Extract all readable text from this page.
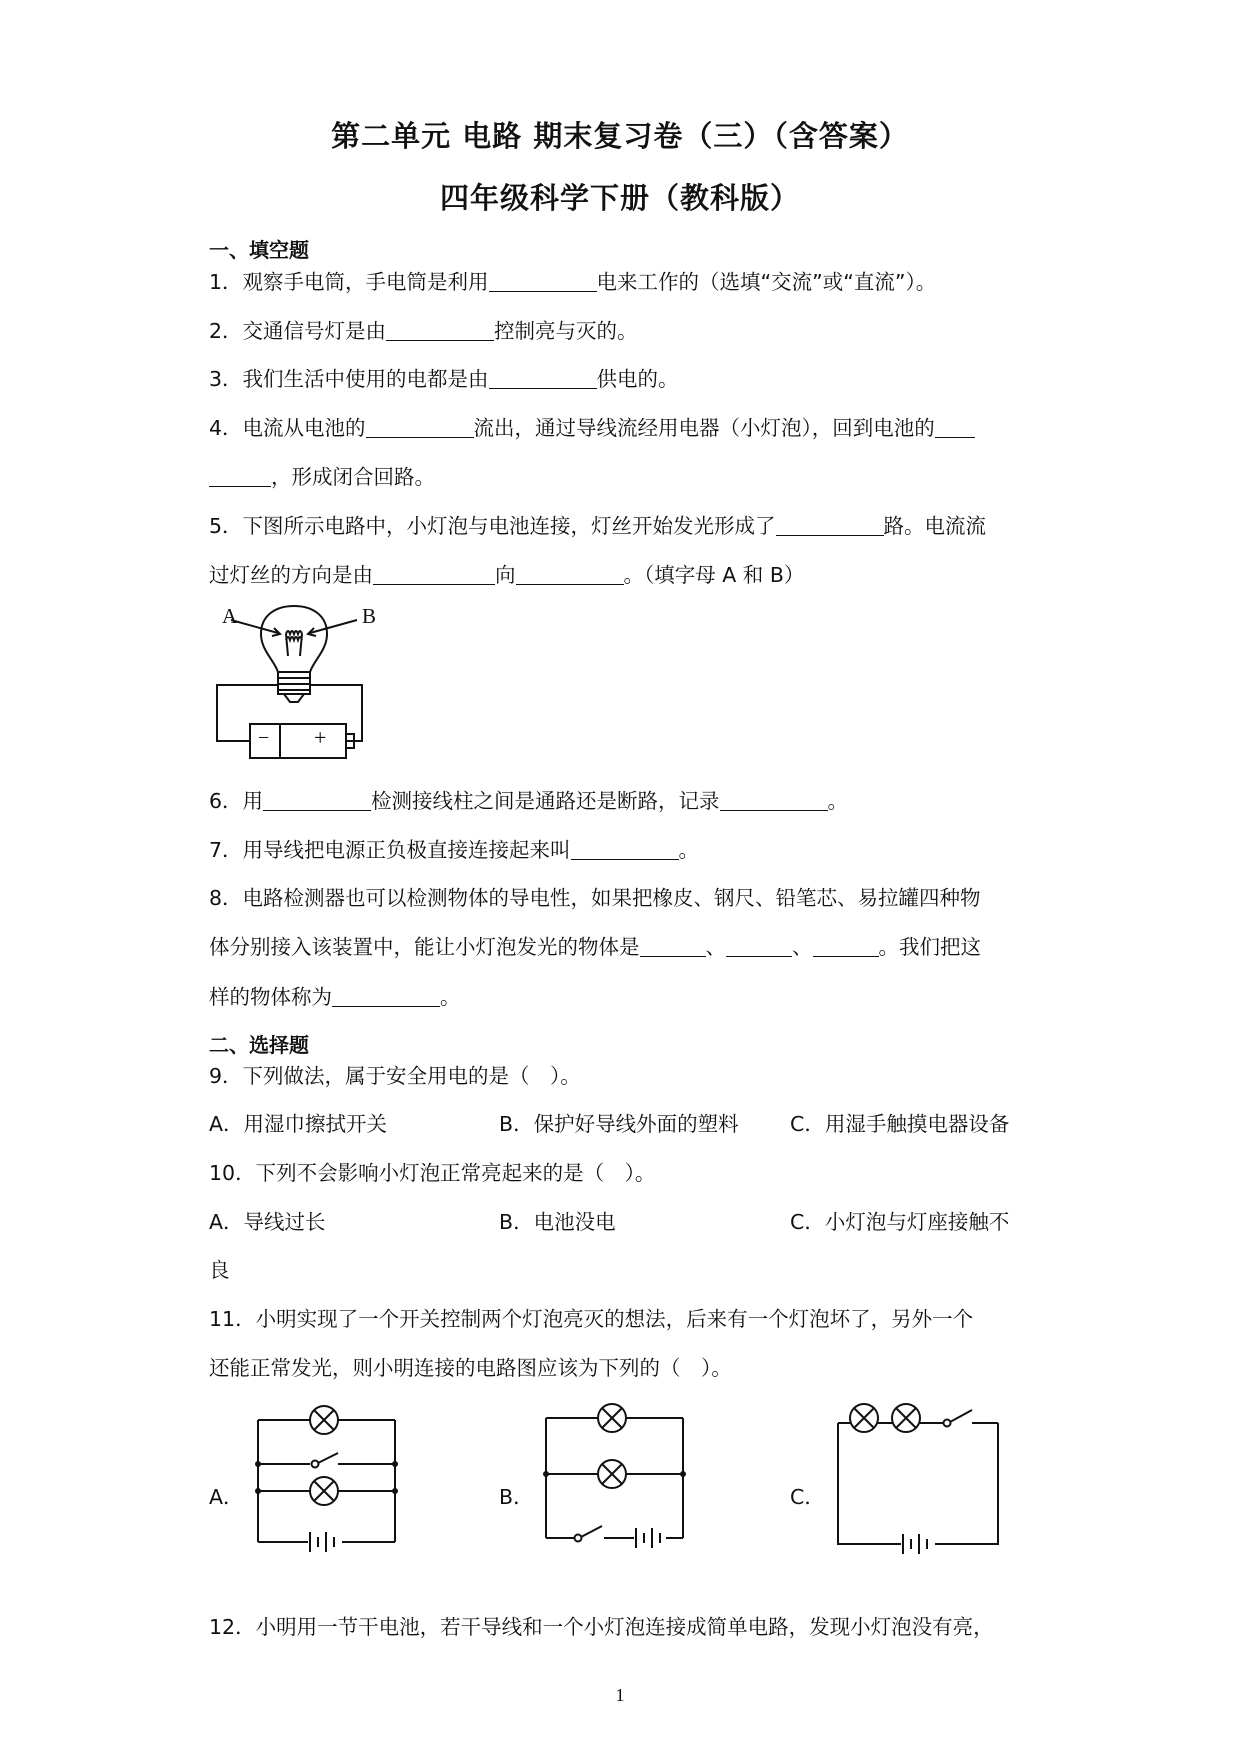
第二单元 电路 期末复习卷（三）（含答案）
四年级科学下册（教科版）
一、填空题
1．观察手电筒，手电筒是利用	电来工作的（选填“交流”或“直流”）。
2．交通信号灯是由	控制亮与灭的。
3．我们生活中使用的电都是由	供电的。
4．电流从电池的	流出，通过导线流经用电器（小灯泡），回到电池的
，形成闭合回路。
5．下图所示电路中，小灯泡与电池连接，灯丝开始发光形成了	路。电流流
过灯丝的方向是由	向	。（填字母 A 和 B）
A	B
− +
6．用	检测接线柱之间是通路还是断路，记录	。
7．用导线把电源正负极直接连接起来叫	。
8．电路检测器也可以检测物体的导电性，如果把橡皮、钢尺、铅笔芯、易拉罐四种物
体分别接入该装置中，能让小灯泡发光的物体是	、	、	。我们把这
样的物体称为	。
二、选择题
9．下列做法，属于安全用电的是（　）。
A．用湿巾擦拭开关	B．保护好导线外面的塑料	C．用湿手触摸电器设备
10．下列不会影响小灯泡正常亮起来的是（　）。
A．导线过长	B．电池没电	C．小灯泡与灯座接触不
良
11．小明实现了一个开关控制两个灯泡亮灭的想法，后来有一个灯泡坏了，另外一个
还能正常发光，则小明连接的电路图应该为下列的（　）。
A．	B．	C．
12．小明用一节干电池，若干导线和一个小灯泡连接成简单电路，发现小灯泡没有亮，
1
